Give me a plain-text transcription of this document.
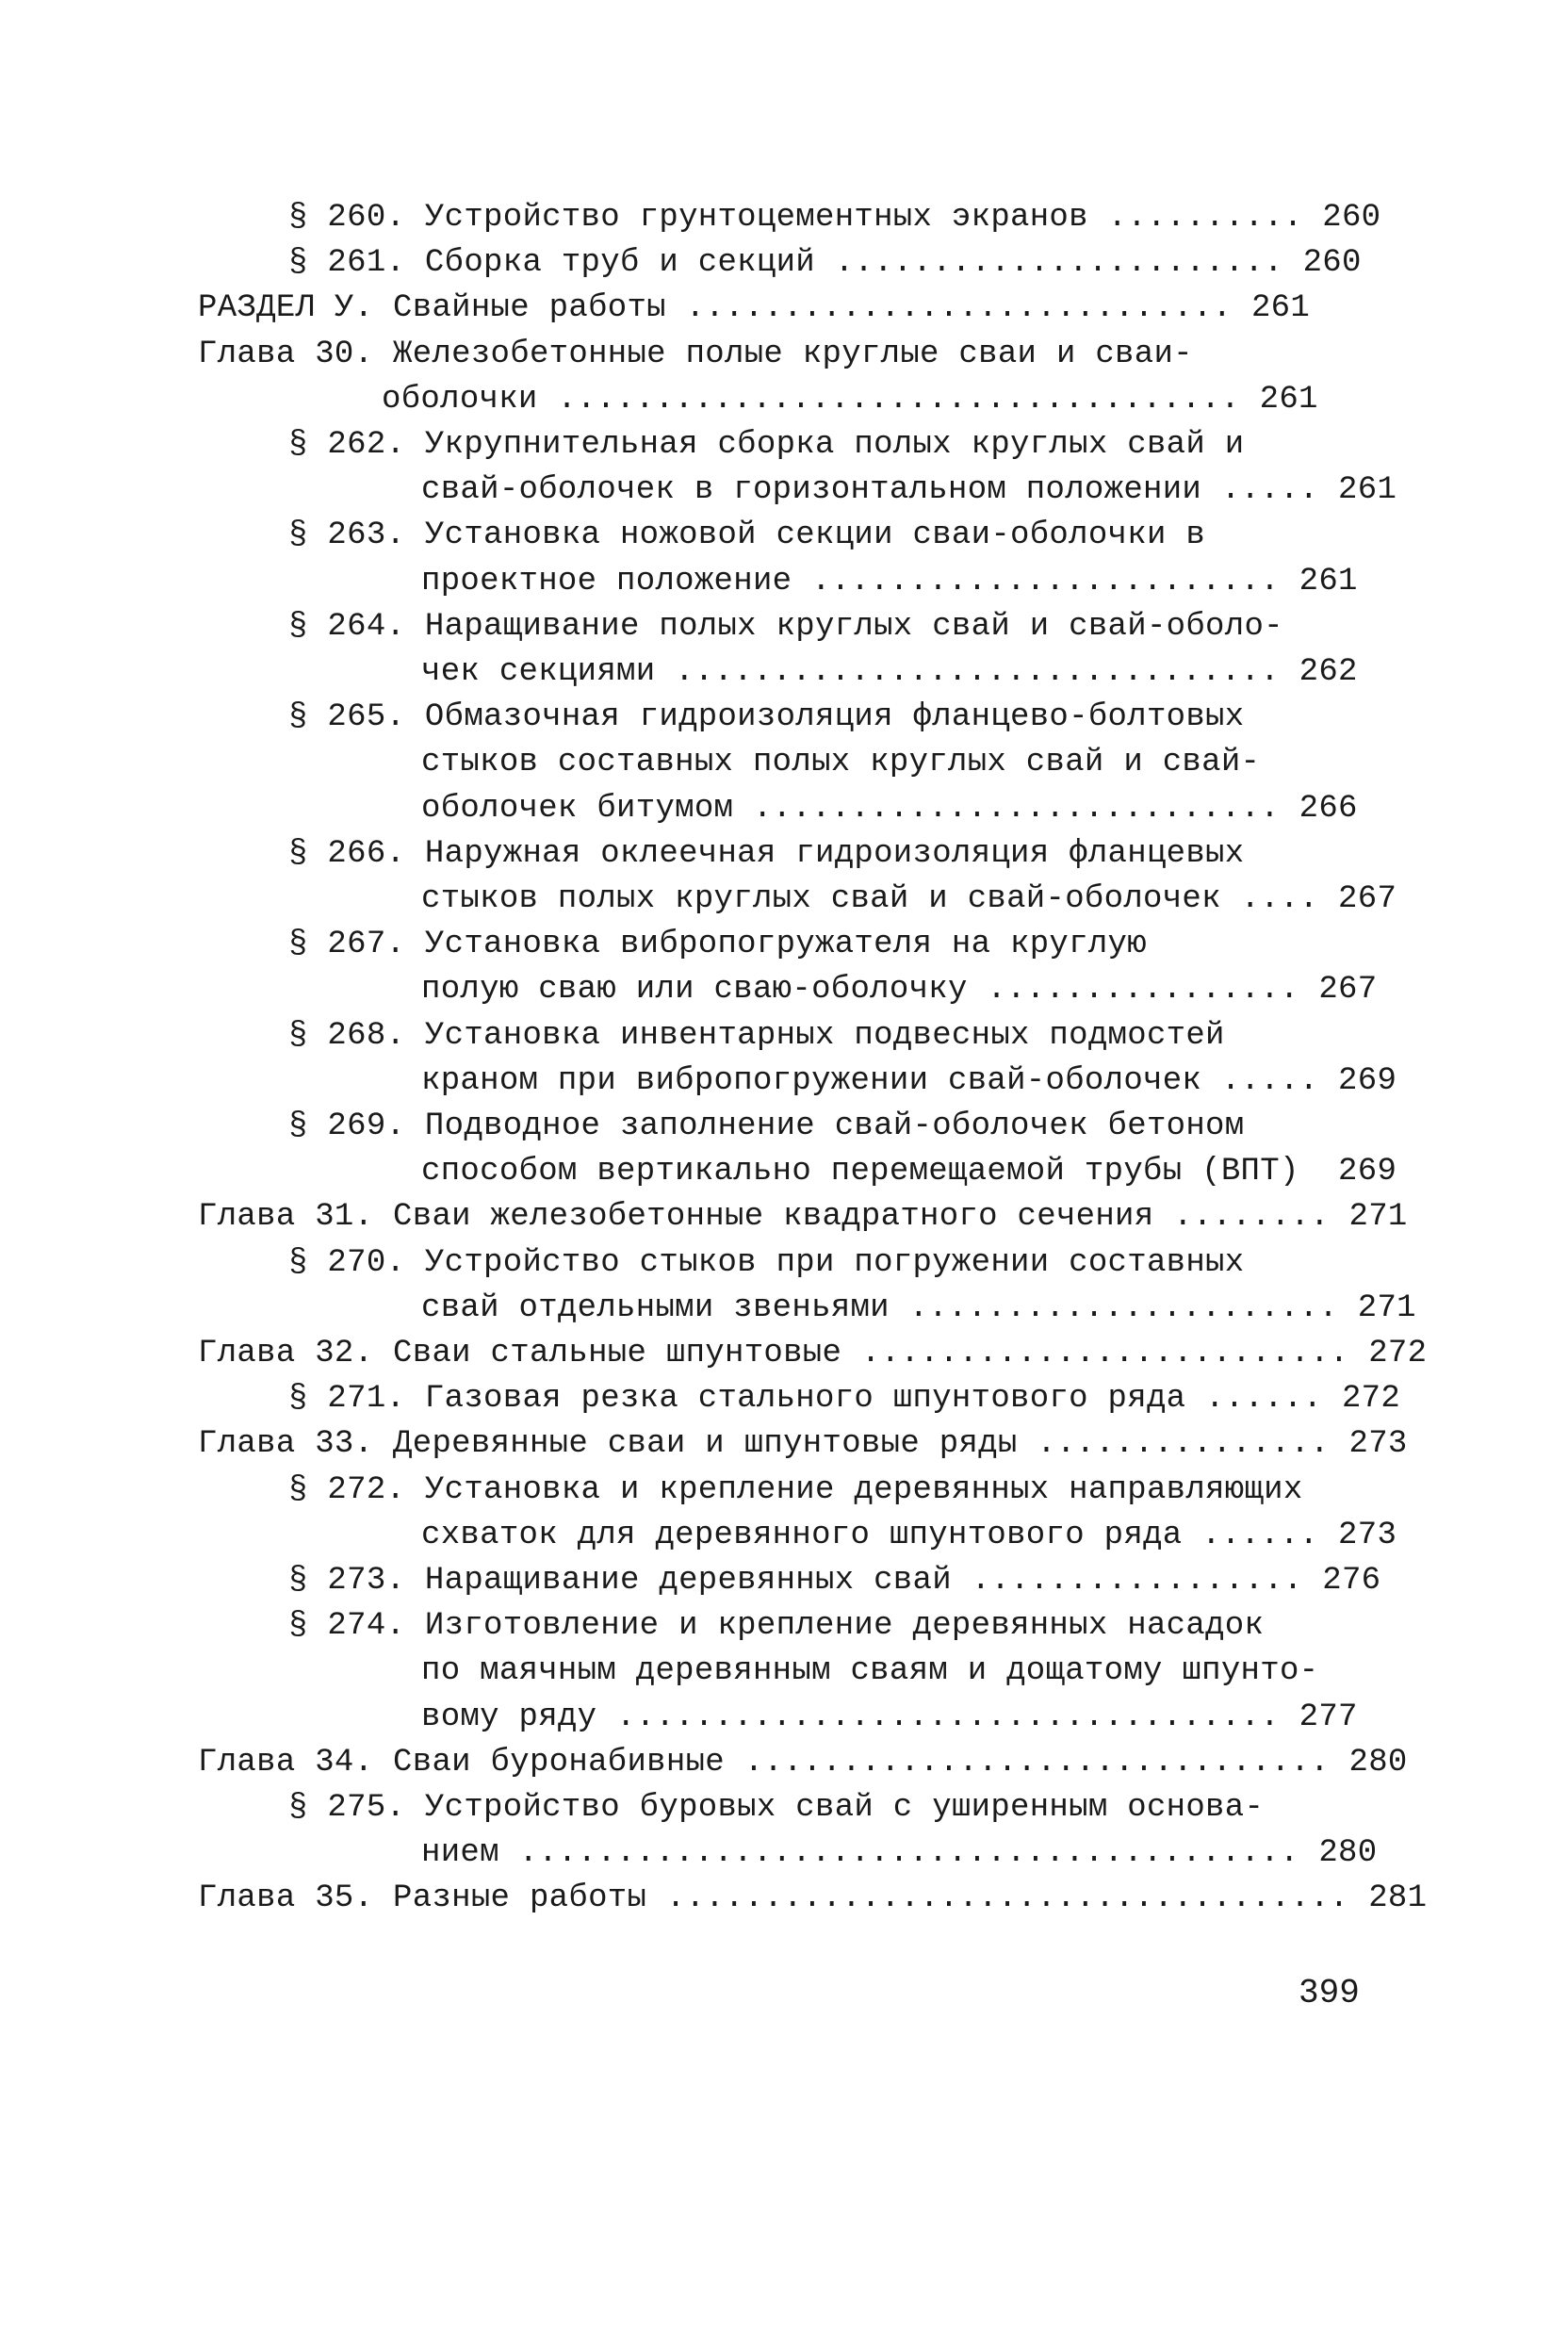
§ 260. Устройство грунтоцементных экранов .......... 260
§ 261. Сборка труб и секций ....................... 260
РАЗДЕЛ У. Свайные работы ............................ 261
Глава 30. Железобетонные полые круглые сваи и сваи-
оболочки ................................... 261
§ 262. Укрупнительная сборка полых круглых свай и
свай-оболочек в горизонтальном положении ..... 261
§ 263. Установка ножовой секции сваи-оболочки в
проектное положение ........................ 261
§ 264. Наращивание полых круглых свай и свай-оболо-
чек секциями ............................... 262
§ 265. Обмазочная гидроизоляция фланцево-болтовых
стыков составных полых круглых свай и свай-
оболочек битумом ........................... 266
§ 266. Наружная оклеечная гидроизоляция фланцевых
стыков полых круглых свай и свай-оболочек .... 267
§ 267. Установка вибропогружателя на круглую
полую сваю или сваю-оболочку ................ 267
§ 268. Установка инвентарных подвесных подмостей
краном при вибропогружении свай-оболочек ..... 269
§ 269. Подводное заполнение свай-оболочек бетоном
способом вертикально перемещаемой трубы (ВПТ)  269
Глава 31. Сваи железобетонные квадратного сечения ........ 271
§ 270. Устройство стыков при погружении составных
свай отдельными звеньями ...................... 271
Глава 32. Сваи стальные шпунтовые ......................... 272
§ 271. Газовая резка стального шпунтового ряда ...... 272
Глава 33. Деревянные сваи и шпунтовые ряды ............... 273
§ 272. Установка и крепление деревянных направляющих
схваток для деревянного шпунтового ряда ...... 273
§ 273. Наращивание деревянных свай ................. 276
§ 274. Изготовление и крепление деревянных насадок
по маячным деревянным сваям и дощатому шпунто-
вому ряду .................................. 277
Глава 34. Сваи буронабивные .............................. 280
§ 275. Устройство буровых свай с уширенным основа-
нием ........................................ 280
Глава 35. Разные работы ................................... 281
399
